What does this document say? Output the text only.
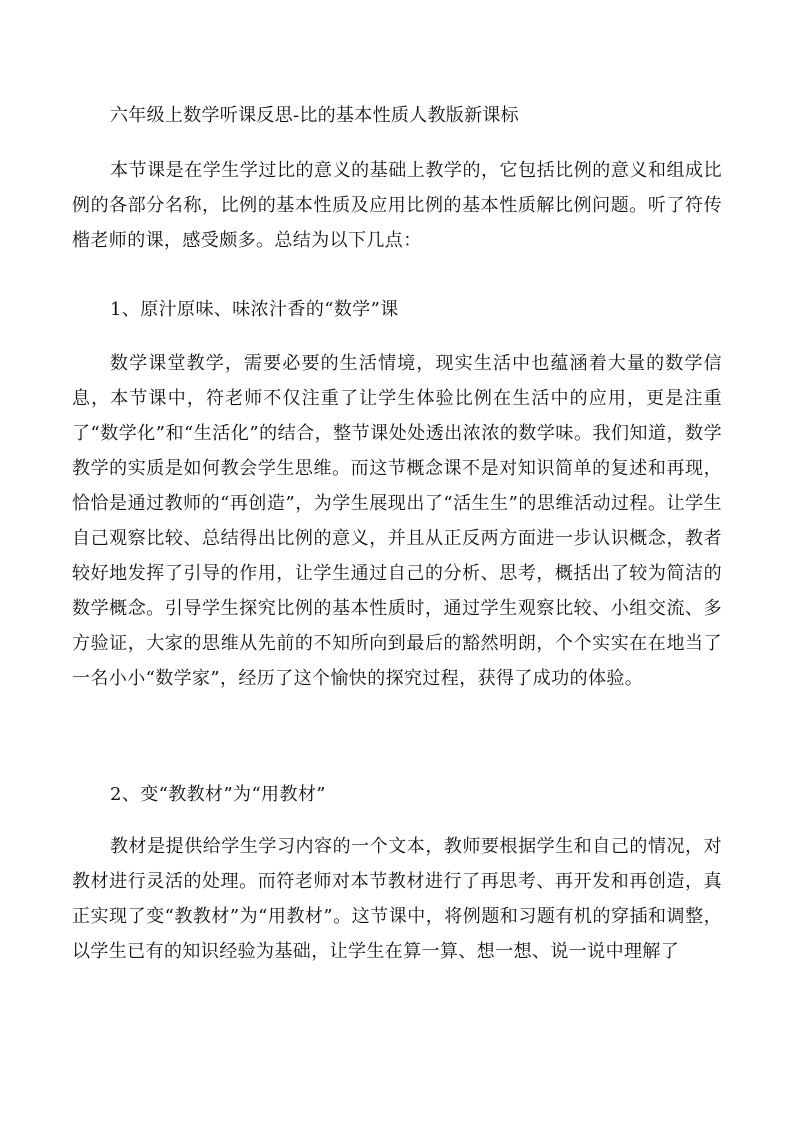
六年级上数学听课反思-比的基本性质人教版新课标
本节课是在学生学过比的意义的基础上教学的，它包括比例的意义和组成比例的各部分名称，比例的基本性质及应用比例的基本性质解比例问题。听了符传楷老师的课，感受颇多。总结为以下几点：
1、原汁原味、味浓汁香的“数学”课
数学课堂教学，需要必要的生活情境，现实生活中也蕴涵着大量的数学信息，本节课中，符老师不仅注重了让学生体验比例在生活中的应用，更是注重了“数学化”和“生活化”的结合，整节课处处透出浓浓的数学味。我们知道，数学教学的实质是如何教会学生思维。而这节概念课不是对知识简单的复述和再现，恰恰是通过教师的“再创造”，为学生展现出了“活生生”的思维活动过程。让学生自己观察比较、总结得出比例的意义，并且从正反两方面进一步认识概念，教者较好地发挥了引导的作用，让学生通过自己的分析、思考，概括出了较为简洁的数学概念。引导学生探究比例的基本性质时，通过学生观察比较、小组交流、多方验证，大家的思维从先前的不知所向到最后的豁然明朗，个个实实在在地当了一名小小“数学家”，经历了这个愉快的探究过程，获得了成功的体验。
2、变“教教材”为“用教材”
教材是提供给学生学习内容的一个文本，教师要根据学生和自己的情况，对教材进行灵活的处理。而符老师对本节教材进行了再思考、再开发和再创造，真正实现了变“教教材”为“用教材”。这节课中，将例题和习题有机的穿插和调整，以学生已有的知识经验为基础，让学生在算一算、想一想、说一说中理解了
